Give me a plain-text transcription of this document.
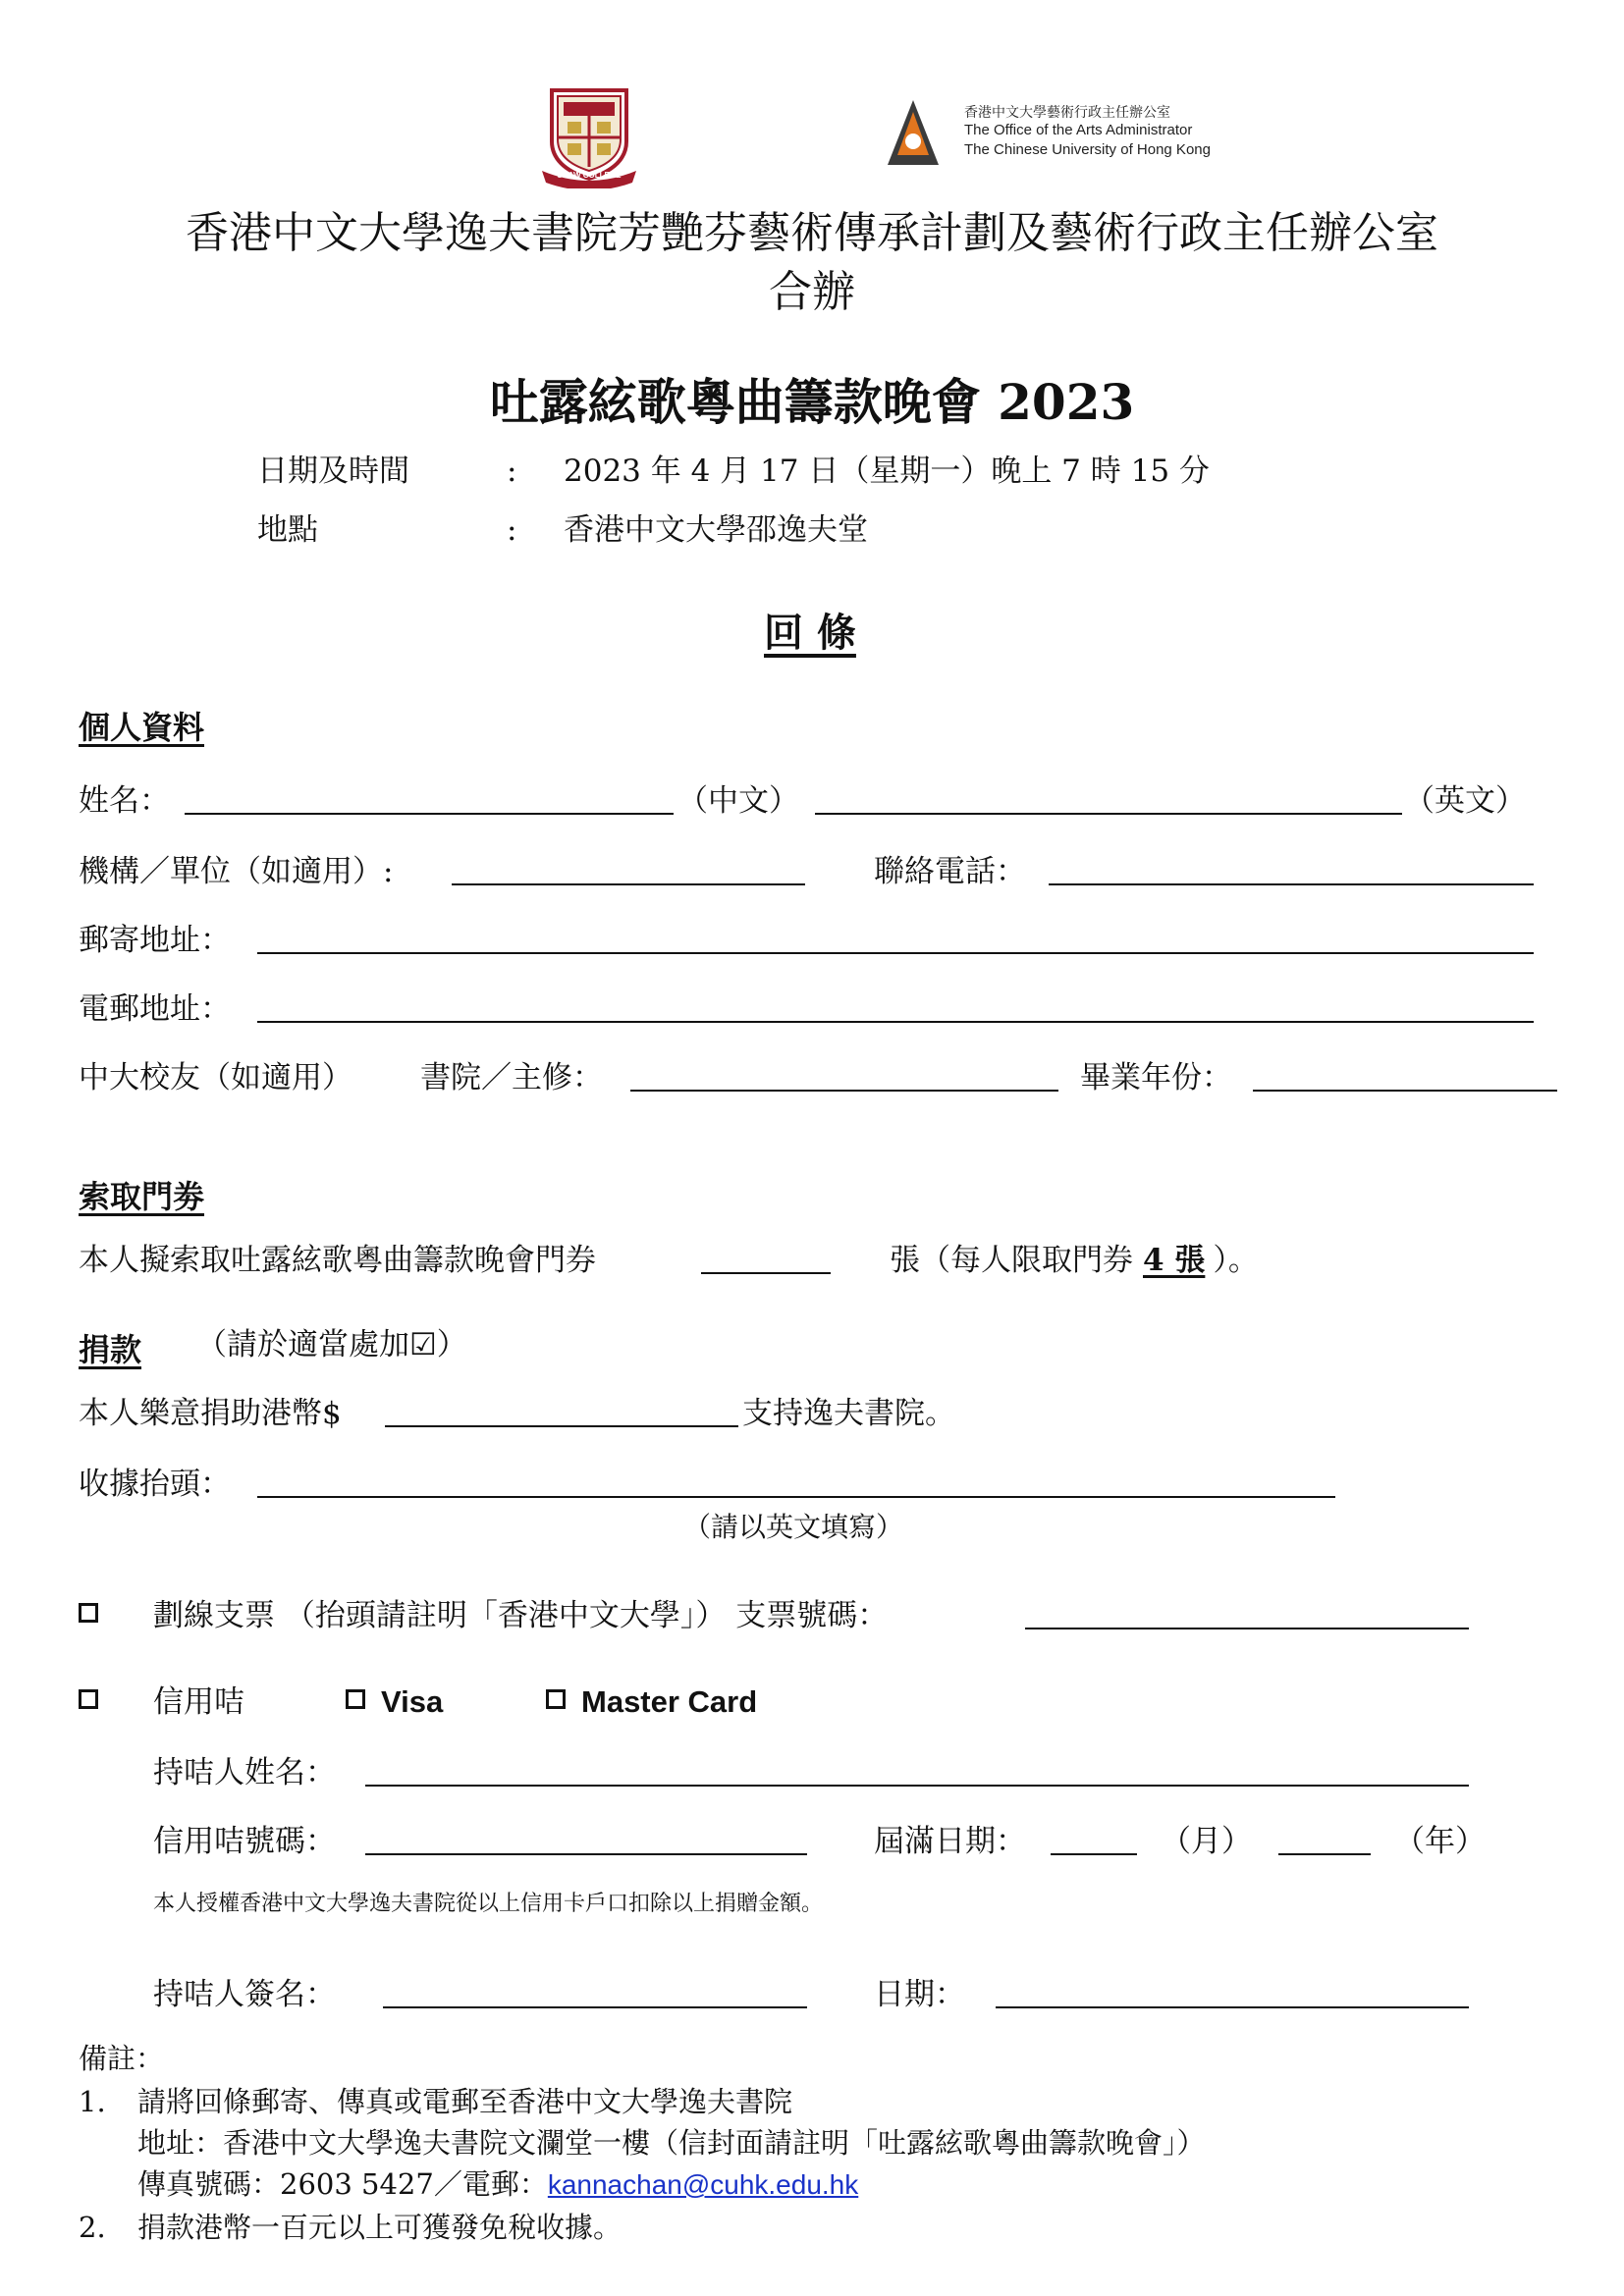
SHAW COLLEGE
香港中文大學藝術行政主任辦公室
The Office of the Arts Administrator
The Chinese University of Hong Kong
香港中文大學逸夫書院芳艷芬藝術傳承計劃及藝術行政主任辦公室
合辦
吐露絃歌粵曲籌款晚會 2023
日期及時間	: 2023 年 4 月 17 日（星期一）晚上 7 時 15 分
地點	: 香港中文大學邵逸夫堂
回 條
個人資料
姓名：	（中文）	（英文）
機構／單位（如適用）:	聯絡電話：
郵寄地址：
電郵地址：
中大校友（如適用） 書院／主修：	畢業年份：
索取門劵
本人擬索取吐露絃歌粵曲籌款晚會門券	張（每人限取門券 4 張 ）。
捐款 （請於適當處加☑）
本人樂意捐助港幣$	支持逸夫書院。
收據抬頭：
（請以英文填寫）
劃線支票 （抬頭請註明「香港中文大學」） 支票號碼：
信用咭	Visa	Master Card
持咭人姓名：
信用咭號碼：	屆滿日期：	（月）	（年）
本人授權香港中文大學逸夫書院從以上信用卡戶口扣除以上捐贈金額。
持咭人簽名：	日期：
備註：
1. 請將回條郵寄、傳真或電郵至香港中文大學逸夫書院
地址：香港中文大學逸夫書院文瀾堂一樓（信封面請註明「吐露絃歌粵曲籌款晚會」）
傳真號碼：2603 5427／電郵：kannachan@cuhk.edu.hk
2. 捐款港幣一百元以上可獲發免稅收據。
